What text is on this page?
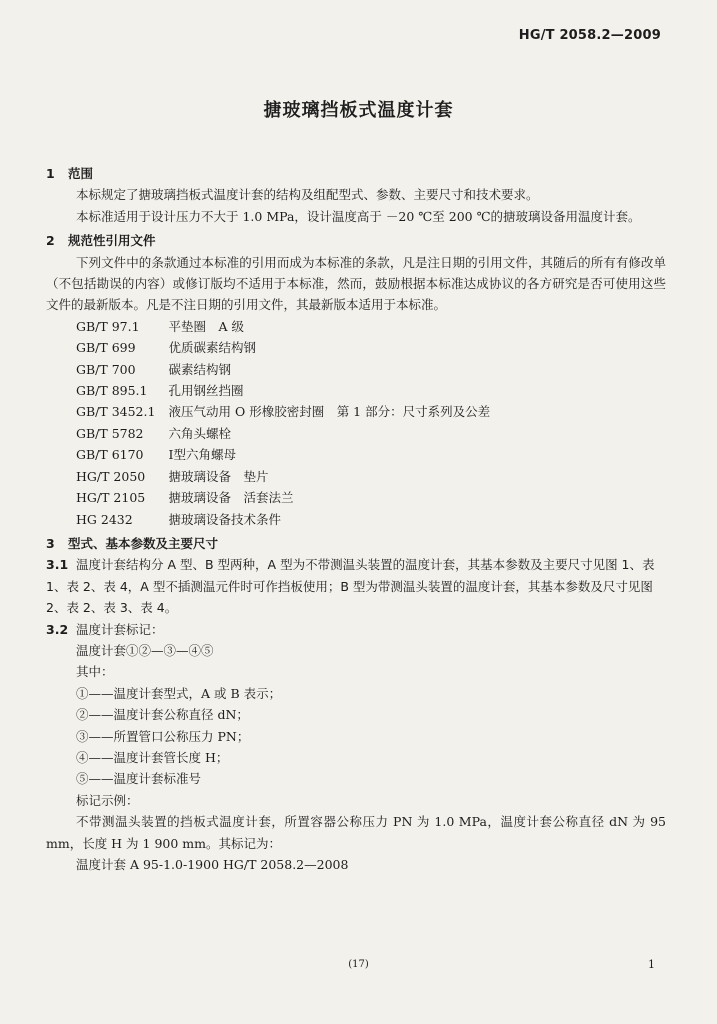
HG/T 2058.2—2009
搪玻璃挡板式温度计套
1 范围
本标规定了搪玻璃挡板式温度计套的结构及组配型式、参数、主要尺寸和技术要求。
本标准适用于设计压力不大于 1.0 MPa，设计温度高于 －20 ℃至 200 ℃的搪玻璃设备用温度计套。
2 规范性引用文件
下列文件中的条款通过本标准的引用而成为本标准的条款，凡是注日期的引用文件，其随后的所有有修改单（不包括勘误的内容）或修订版均不适用于本标准，然而，鼓励根据本标准达成协议的各方研究是否可使用这些文件的最新版本。凡是不注日期的引用文件，其最新版本适用于本标准。
GB/T 97.1　 平垫圈　A 级
GB/T 699　	优质碳素结构钢
GB/T 700　	碳素结构钢
GB/T 895.1　 孔用钢丝挡圈
GB/T 3452.1　 液压气动用 O 形橡胶密封圈　第 1 部分：尺寸系列及公差
GB/T 5782　 六角头螺栓
GB/T 6170　 Ⅰ型六角螺母
HG/T 2050　 搪玻璃设备　垫片
HG/T 2105　 搪玻璃设备　活套法兰
HG 2432　	搪玻璃设备技术条件
3 型式、基本参数及主要尺寸
3.1 温度计套结构分 A 型、B 型两种，A 型为不带测温头装置的温度计套，其基本参数及主要尺寸见图 1、表 1、表 2、表 4，A 型不插测温元件时可作挡板使用；B 型为带测温头装置的温度计套，其基本参数及尺寸见图 2、表 2、表 3、表 4。
3.2 温度计套标记：
温度计套①②—③—④⑤
其中：
①——温度计套型式，A 或 B 表示；
②——温度计套公称直径 dN；
③——所置管口公称压力 PN；
④——温度计套管长度 H；
⑤——温度计套标准号
标记示例：
不带测温头装置的挡板式温度计套，所置容器公称压力 PN 为 1.0 MPa，温度计套公称直径 dN 为 95 mm，长度 H 为 1 900 mm。其标记为：
温度计套 A 95-1.0-1900 HG/T 2058.2—2008
(17)	1
